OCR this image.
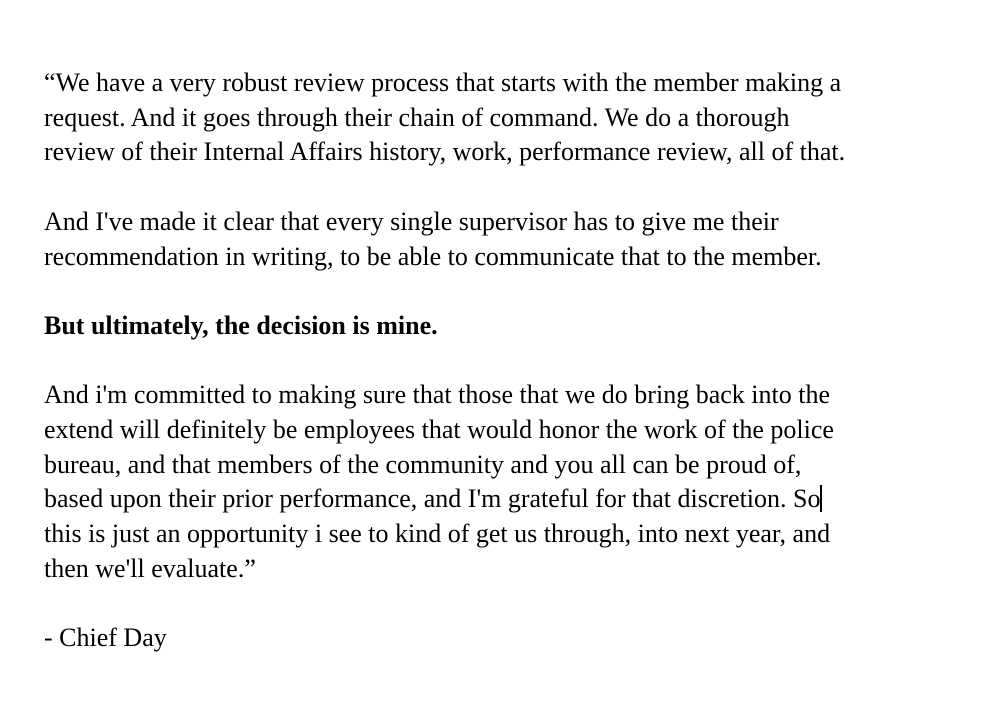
“We have a very robust review process that starts with the member making a
request. And it goes through their chain of command. We do a thorough
review of their Internal Affairs history, work, performance review, all of that.

And I've made it clear that every single supervisor has to give me their
recommendation in writing, to be able to communicate that to the member.

But ultimately, the decision is mine.

And i'm committed to making sure that those that we do bring back into the
extend will definitely be employees that would honor the work of the police
bureau, and that members of the community and you all can be proud of,
based upon their prior performance, and I'm grateful for that discretion. So
this is just an opportunity i see to kind of get us through, into next year, and
then we'll evaluate.”

- Chief Day
